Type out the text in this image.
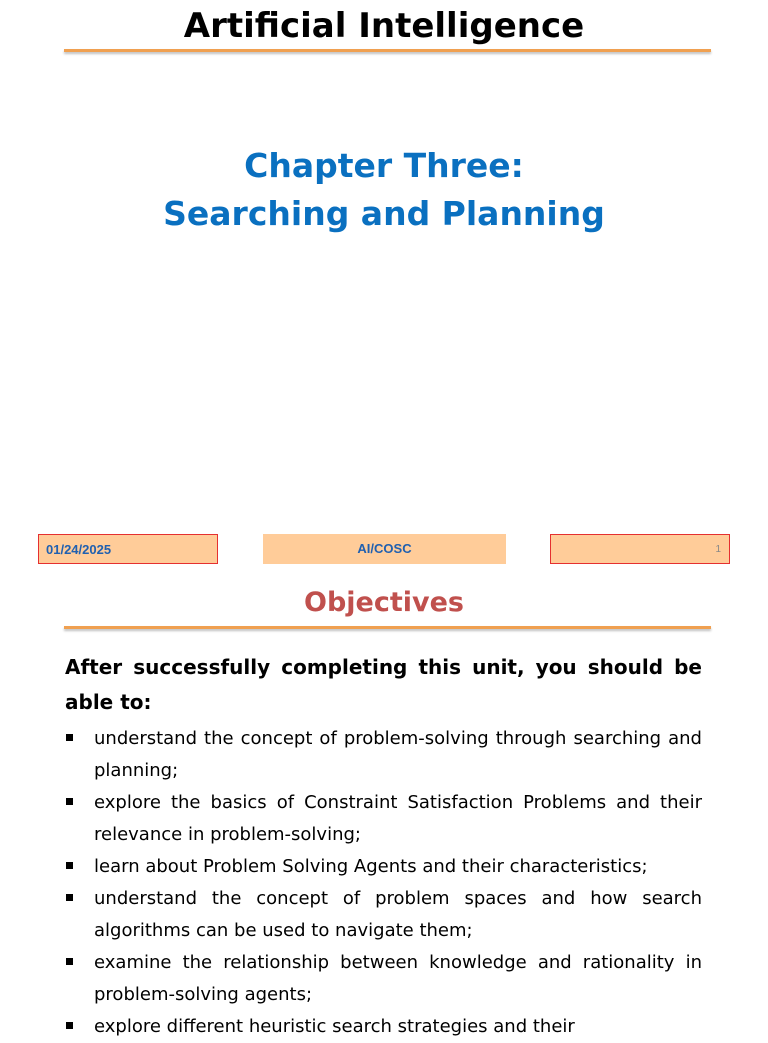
Artificial Intelligence
Chapter Three:
Searching and Planning
01/24/2025	AI/COSC	1
Objectives
After successfully completing this unit, you should be able to:
understand the concept of problem-solving through searching and planning;
explore the basics of Constraint Satisfaction Problems and their relevance in problem-solving;
learn about Problem Solving Agents and their characteristics;
understand the concept of problem spaces and how search algorithms can be used to navigate them;
examine the relationship between knowledge and rationality in problem-solving agents;
explore different heuristic search strategies and their
